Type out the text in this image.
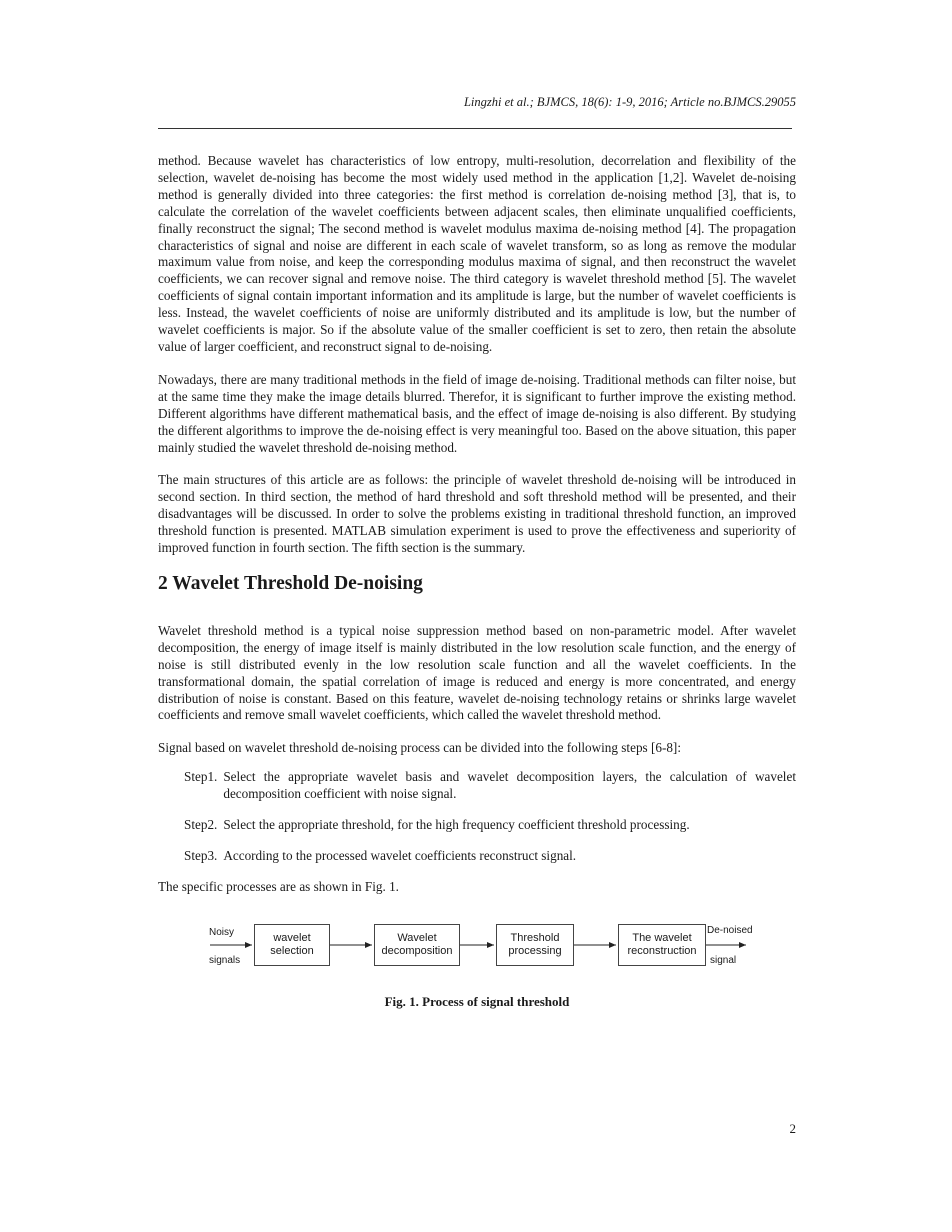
Lingzhi et al.; BJMCS, 18(6): 1-9, 2016; Article no.BJMCS.29055

method. Because wavelet has characteristics of low entropy, multi-resolution, decorrelation and flexibility of the selection, wavelet de-noising has become the most widely used method in the application [1,2]. Wavelet de-noising method is generally divided into three categories: the first method is correlation de-noising method [3], that is, to calculate the correlation of the wavelet coefficients between adjacent scales, then eliminate unqualified coefficients, finally reconstruct the signal; The second method is wavelet modulus maxima de-noising method [4]. The propagation characteristics of signal and noise are different in each scale of wavelet transform, so as long as remove the modular maximum value from noise, and keep the corresponding modulus maxima of signal, and then reconstruct the wavelet coefficients, we can recover signal and remove noise. The third category is wavelet threshold method [5]. The wavelet coefficients of signal contain important information and its amplitude is large, but the number of wavelet coefficients is less. Instead, the wavelet coefficients of noise are uniformly distributed and its amplitude is low, but the number of wavelet coefficients is major. So if the absolute value of the smaller coefficient is set to zero, then retain the absolute value of larger coefficient, and reconstruct signal to de-noising.

Nowadays, there are many traditional methods in the field of image de-noising. Traditional methods can filter noise, but at the same time they make the image details blurred. Therefor, it is significant to further improve the existing method. Different algorithms have different mathematical basis, and the effect of image de-noising is also different. By studying the different algorithms to improve the de-noising effect is very meaningful too. Based on the above situation, this paper mainly studied the wavelet threshold de-noising method.

The main structures of this article are as follows: the principle of wavelet threshold de-noising will be introduced in second section. In third section, the method of hard threshold and soft threshold method will be presented, and their disadvantages will be discussed. In order to solve the problems existing in traditional threshold function, an improved threshold function is presented. MATLAB simulation experiment is used to prove the effectiveness and superiority of improved function in fourth section. The fifth section is the summary.

2 Wavelet Threshold De-noising

Wavelet threshold method is a typical noise suppression method based on non-parametric model. After wavelet decomposition, the energy of image itself is mainly distributed in the low resolution scale function, and the energy of noise is still distributed evenly in the low resolution scale function and all the wavelet coefficients. In the transformational domain, the spatial correlation of image is reduced and energy is more concentrated, and energy distribution of noise is constant. Based on this feature, wavelet de-noising technology retains or shrinks large wavelet coefficients and remove small wavelet coefficients, which called the wavelet threshold method.

Signal based on wavelet threshold de-noising process can be divided into the following steps [6-8]:

Step1. Select the appropriate wavelet basis and wavelet decomposition layers, the calculation of wavelet decomposition coefficient with noise signal.
Step2. Select the appropriate threshold, for the high frequency coefficient threshold processing.
Step3. According to the processed wavelet coefficients reconstruct signal.

The specific processes are as shown in Fig. 1.

Noisy
signals
wavelet
selection
Wavelet
decomposition
Threshold
processing
The wavelet
reconstruction
De-noised
signal
Fig. 1. Process of signal threshold
2
